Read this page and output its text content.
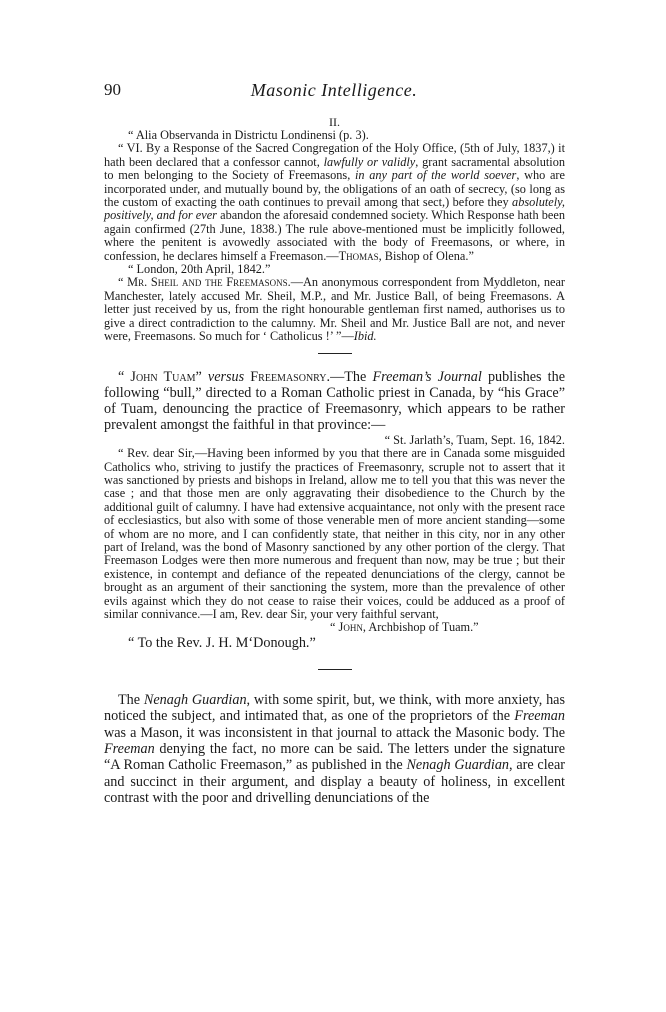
90	Masonic Intelligence.

II.

“ Alia Observanda in Districtu Londinensi (p. 3).

“ VI. By a Response of the Sacred Congregation of the Holy Office, (5th of July, 1837,) it hath been declared that a confessor cannot, lawfully or validly, grant sacramental absolution to men belonging to the Society of Freemasons, in any part of the world soever, who are incorporated under, and mutually bound by, the obligations of an oath of secrecy, (so long as the custom of exacting the oath continues to prevail among that sect,) before they absolutely, positively, and for ever abandon the aforesaid condemned society. Which Response hath been again confirmed (27th June, 1838.) The rule above-mentioned must be implicitly followed, where the penitent is avowedly associated with the body of Freemasons, or where, in confession, he declares himself a Freemason.—Thomas, Bishop of Olena.”

“ London, 20th April, 1842.”

“ Mr. Sheil and the Freemasons.—An anonymous correspondent from Myddleton, near Manchester, lately accused Mr. Sheil, M.P., and Mr. Justice Ball, of being Freemasons. A letter just received by us, from the right honourable gentleman first named, authorises us to give a direct contradiction to the calumny. Mr. Sheil and Mr. Justice Ball are not, and never were, Freemasons. So much for ‘ Catholicus !’ ”—Ibid.

“ John Tuam” versus Freemasonry.—The Freeman’s Journal publishes the following “bull,” directed to a Roman Catholic priest in Canada, by “his Grace” of Tuam, denouncing the practice of Freemasonry, which appears to be rather prevalent amongst the faithful in that province:—

“ St. Jarlath’s, Tuam, Sept. 16, 1842.

“ Rev. dear Sir,—Having been informed by you that there are in Canada some misguided Catholics who, striving to justify the practices of Freemasonry, scruple not to assert that it was sanctioned by priests and bishops in Ireland, allow me to tell you that this was never the case ; and that those men are only aggravating their disobedience to the Church by the additional guilt of calumny. I have had extensive acquaintance, not only with the present race of ecclesiastics, but also with some of those venerable men of more ancient standing—some of whom are no more, and I can confidently state, that neither in this city, nor in any other part of Ireland, was the bond of Masonry sanctioned by any other portion of the clergy. That Freemason Lodges were then more numerous and frequent than now, may be true ; but their existence, in contempt and defiance of the repeated denunciations of the clergy, cannot be brought as an argument of their sanctioning the system, more than the prevalence of other evils against which they do not cease to raise their voices, could be adduced as a proof of similar connivance.—I am, Rev. dear Sir, your very faithful servant,

“ John, Archbishop of Tuam.”

“ To the Rev. J. H. M‘Donough.”

The Nenagh Guardian, with some spirit, but, we think, with more anxiety, has noticed the subject, and intimated that, as one of the proprietors of the Freeman was a Mason, it was inconsistent in that journal to attack the Masonic body. The Freeman denying the fact, no more can be said. The letters under the signature “A Roman Catholic Freemason,” as published in the Nenagh Guardian, are clear and succinct in their argument, and display a beauty of holiness, in excellent contrast with the poor and drivelling denunciations of the
